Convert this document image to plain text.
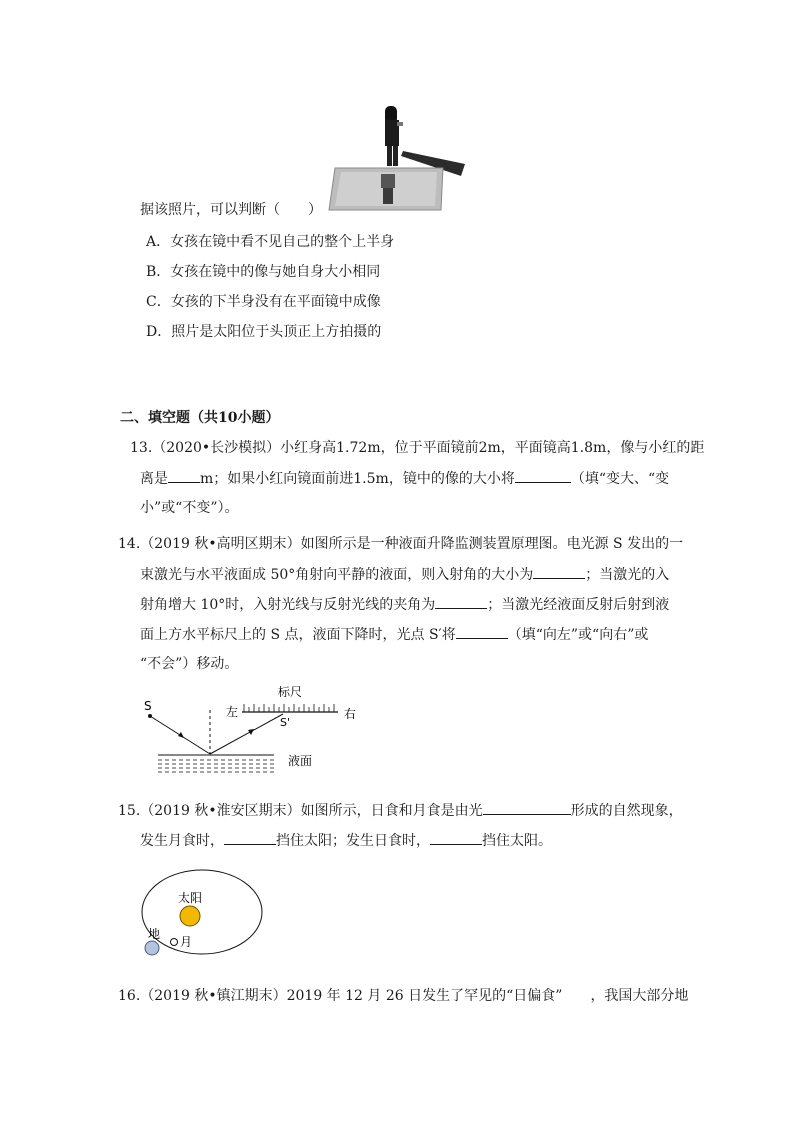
据该照片，可以判断（　　）
A．女孩在镜中看不见自己的整个上半身
B．女孩在镜中的像与她自身大小相同
C．女孩的下半身没有在平面镜中成像
D．照片是太阳位于头顶正上方拍摄的
二、填空题（共10小题）
13.（2020•长沙模拟）小红身高1.72m，位于平面镜前2m，平面镜高1.8m，像与小红的距
离是 m；如果小红向镜面前进1.5m，镜中的像的大小将	（填“变大、“变
小”或“不变”）。
14.（2019 秋•高明区期末）如图所示是一种液面升降监测装置原理图。电光源 S 发出的一
束激光与水平液面成 50°角射向平静的液面，则入射角的大小为	；当激光的入
射角增大 10°时，入射光线与反射光线的夹角为	；当激光经液面反射后射到液
面上方水平标尺上的 S 点，液面下降时，光点 S′将	（填“向左”或“向右”或
“不会”）移动。
标尺
左	右
S'
S
液面
15.（2019 秋•淮安区期末）如图所示，日食和月食是由光	形成的自然现象，
发生月食时，	挡住太阳；发生日食时，	挡住太阳。
太阳
地
月
16.（2019 秋•镇江期末）2019 年 12 月 26 日发生了罕见的“日偏食” ，我国大部分地
